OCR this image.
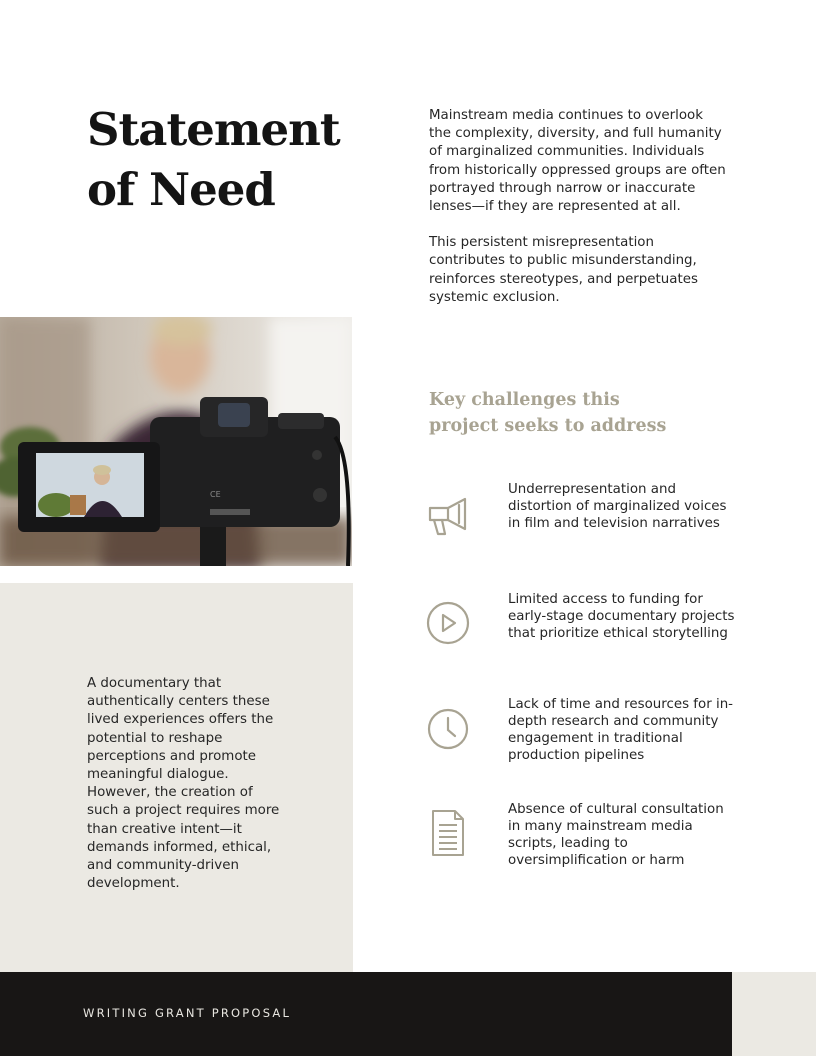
Statement
of Need

Mainstream media continues to overlook the complexity, diversity, and full humanity of marginalized communities. Individuals from historically oppressed groups are often portrayed through narrow or inaccurate lenses—if they are represented at all.

This persistent misrepresentation contributes to public misunderstanding, reinforces stereotypes, and perpetuates systemic exclusion.

CE

A documentary that authentically centers these lived experiences offers the potential to reshape perceptions and promote meaningful dialogue. However, the creation of such a project requires more than creative intent—it demands informed, ethical, and community-driven development.

Key challenges this
project seeks to address
Underrepresentation and distortion of marginalized voices in film and television narratives
Limited access to funding for early-stage documentary projects that prioritize ethical storytelling
Lack of time and resources for in-depth research and community engagement in traditional production pipelines
Absence of cultural consultation in many mainstream media scripts, leading to oversimplification or harm
WRITING GRANT PROPOSAL
